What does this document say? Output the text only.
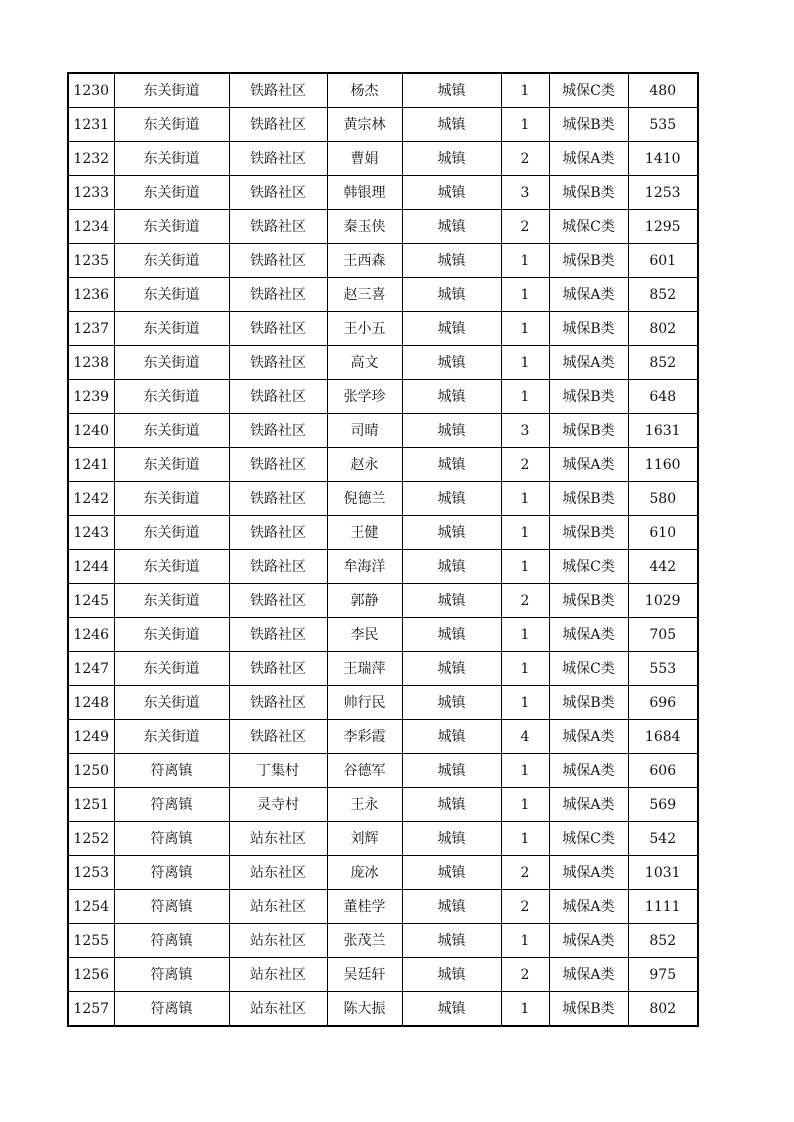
1230	东关街道	铁路社区	杨杰	城镇	1	城保C类	480
1231	东关街道	铁路社区	黄宗林	城镇	1	城保B类	535
1232	东关街道	铁路社区	曹娟	城镇	2	城保A类	1410
1233	东关街道	铁路社区	韩银理	城镇	3	城保B类	1253
1234	东关街道	铁路社区	秦玉侠	城镇	2	城保C类	1295
1235	东关街道	铁路社区	王西森	城镇	1	城保B类	601
1236	东关街道	铁路社区	赵三喜	城镇	1	城保A类	852
1237	东关街道	铁路社区	王小五	城镇	1	城保B类	802
1238	东关街道	铁路社区	高文	城镇	1	城保A类	852
1239	东关街道	铁路社区	张学珍	城镇	1	城保B类	648
1240	东关街道	铁路社区	司晴	城镇	3	城保B类	1631
1241	东关街道	铁路社区	赵永	城镇	2	城保A类	1160
1242	东关街道	铁路社区	倪德兰	城镇	1	城保B类	580
1243	东关街道	铁路社区	王健	城镇	1	城保B类	610
1244	东关街道	铁路社区	牟海洋	城镇	1	城保C类	442
1245	东关街道	铁路社区	郭静	城镇	2	城保B类	1029
1246	东关街道	铁路社区	李民	城镇	1	城保A类	705
1247	东关街道	铁路社区	王瑞萍	城镇	1	城保C类	553
1248	东关街道	铁路社区	帅行民	城镇	1	城保B类	696
1249	东关街道	铁路社区	李彩霞	城镇	4	城保A类	1684
1250	符离镇	丁集村	谷德军	城镇	1	城保A类	606
1251	符离镇	灵寺村	王永	城镇	1	城保A类	569
1252	符离镇	站东社区	刘辉	城镇	1	城保C类	542
1253	符离镇	站东社区	庞冰	城镇	2	城保A类	1031
1254	符离镇	站东社区	董桂学	城镇	2	城保A类	1111
1255	符离镇	站东社区	张茂兰	城镇	1	城保A类	852
1256	符离镇	站东社区	吴廷轩	城镇	2	城保A类	975
1257	符离镇	站东社区	陈大振	城镇	1	城保B类	802
